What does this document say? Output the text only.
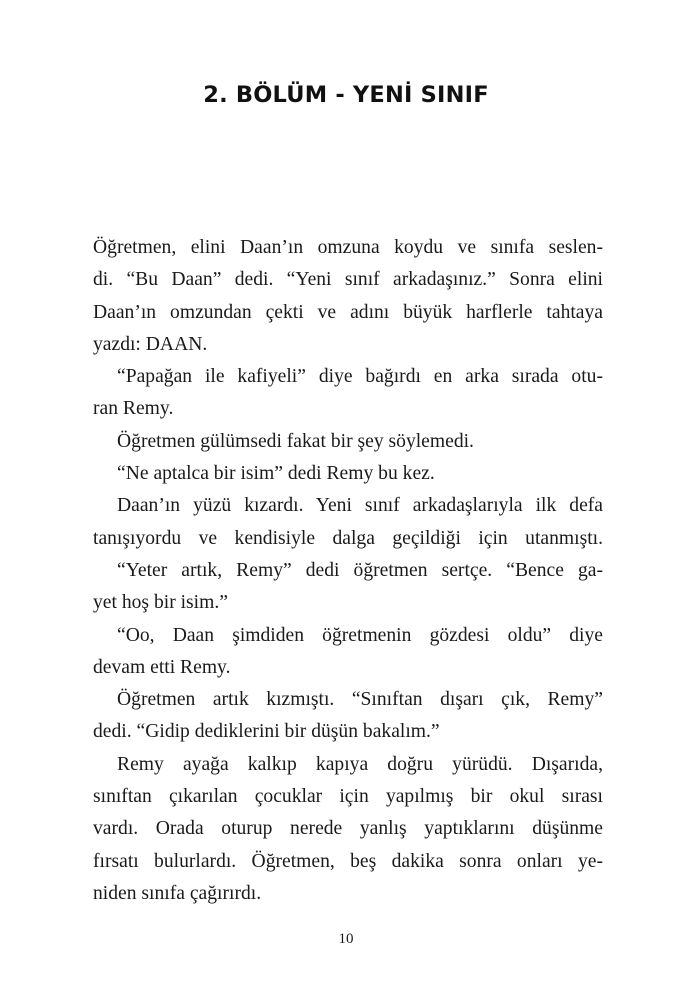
2. BÖLÜM - YENİ SINIF
Öğretmen, elini Daan’ın omzuna koydu ve sınıfa seslen-
di. “Bu Daan” dedi. “Yeni sınıf arkadaşınız.” Sonra elini
Daan’ın omzundan çekti ve adını büyük harflerle tahtaya
yazdı: DAAN.
“Papağan ile kafiyeli” diye bağırdı en arka sırada otu-
ran Remy.
Öğretmen gülümsedi fakat bir şey söylemedi.
“Ne aptalca bir isim” dedi Remy bu kez.
Daan’ın yüzü kızardı. Yeni sınıf arkadaşlarıyla ilk defa
tanışıyordu ve kendisiyle dalga geçildiği için utanmıştı.
“Yeter artık, Remy” dedi öğretmen sertçe. “Bence ga-
yet hoş bir isim.”
“Oo, Daan şimdiden öğretmenin gözdesi oldu” diye
devam etti Remy.
Öğretmen artık kızmıştı. “Sınıftan dışarı çık, Remy”
dedi. “Gidip dediklerini bir düşün bakalım.”
Remy ayağa kalkıp kapıya doğru yürüdü. Dışarıda,
sınıftan çıkarılan çocuklar için yapılmış bir okul sırası
vardı. Orada oturup nerede yanlış yaptıklarını düşünme
fırsatı bulurlardı. Öğretmen, beş dakika sonra onları ye-
niden sınıfa çağırırdı.
10
